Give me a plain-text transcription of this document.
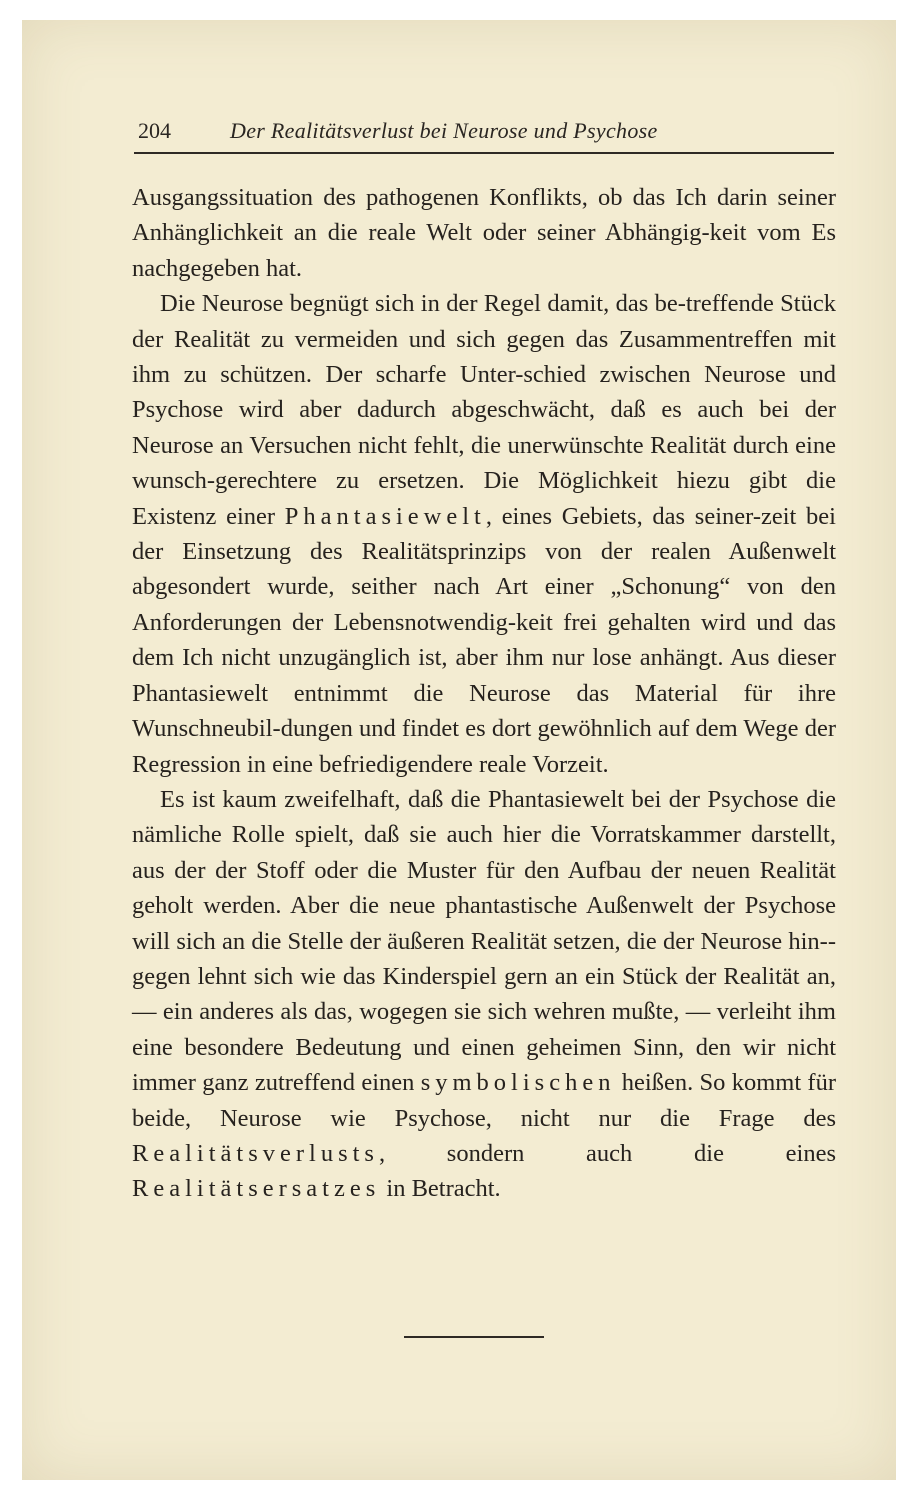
204	Der Realitätsverlust bei Neurose und Psychose

Ausgangssituation des pathogenen Konflikts, ob das Ich darin seiner Anhänglichkeit an die reale Welt oder seiner Abhängig-keit vom Es nachgegeben hat.

Die Neurose begnügt sich in der Regel damit, das be-treffende Stück der Realität zu vermeiden und sich gegen das Zusammentreffen mit ihm zu schützen. Der scharfe Unter-schied zwischen Neurose und Psychose wird aber dadurch abgeschwächt, daß es auch bei der Neurose an Versuchen nicht fehlt, die unerwünschte Realität durch eine wunsch-gerechtere zu ersetzen. Die Möglichkeit hiezu gibt die Existenz einer Phantasiewelt, eines Gebiets, das seiner-zeit bei der Einsetzung des Realitätsprinzips von der realen Außenwelt abgesondert wurde, seither nach Art einer „Schonung“ von den Anforderungen der Lebensnotwendig-keit frei gehalten wird und das dem Ich nicht unzugänglich ist, aber ihm nur lose anhängt. Aus dieser Phantasiewelt entnimmt die Neurose das Material für ihre Wunschneubil-dungen und findet es dort gewöhnlich auf dem Wege der Regression in eine befriedigendere reale Vorzeit.

Es ist kaum zweifelhaft, daß die Phantasiewelt bei der Psychose die nämliche Rolle spielt, daß sie auch hier die Vorratskammer darstellt, aus der der Stoff oder die Muster für den Aufbau der neuen Realität geholt werden. Aber die neue phantastische Außenwelt der Psychose will sich an die Stelle der äußeren Realität setzen, die der Neurose hin-gegen lehnt sich wie das Kinderspiel gern an ein Stück der Realität an, — ein anderes als das, wogegen sie sich wehren mußte, — verleiht ihm eine besondere Bedeutung und einen geheimen Sinn, den wir nicht immer ganz zutreffend einen symbolischen heißen. So kommt für beide, Neurose wie Psychose, nicht nur die Frage des Realitätsverlusts, sondern auch die eines Realitätsersatzes in Betracht.
